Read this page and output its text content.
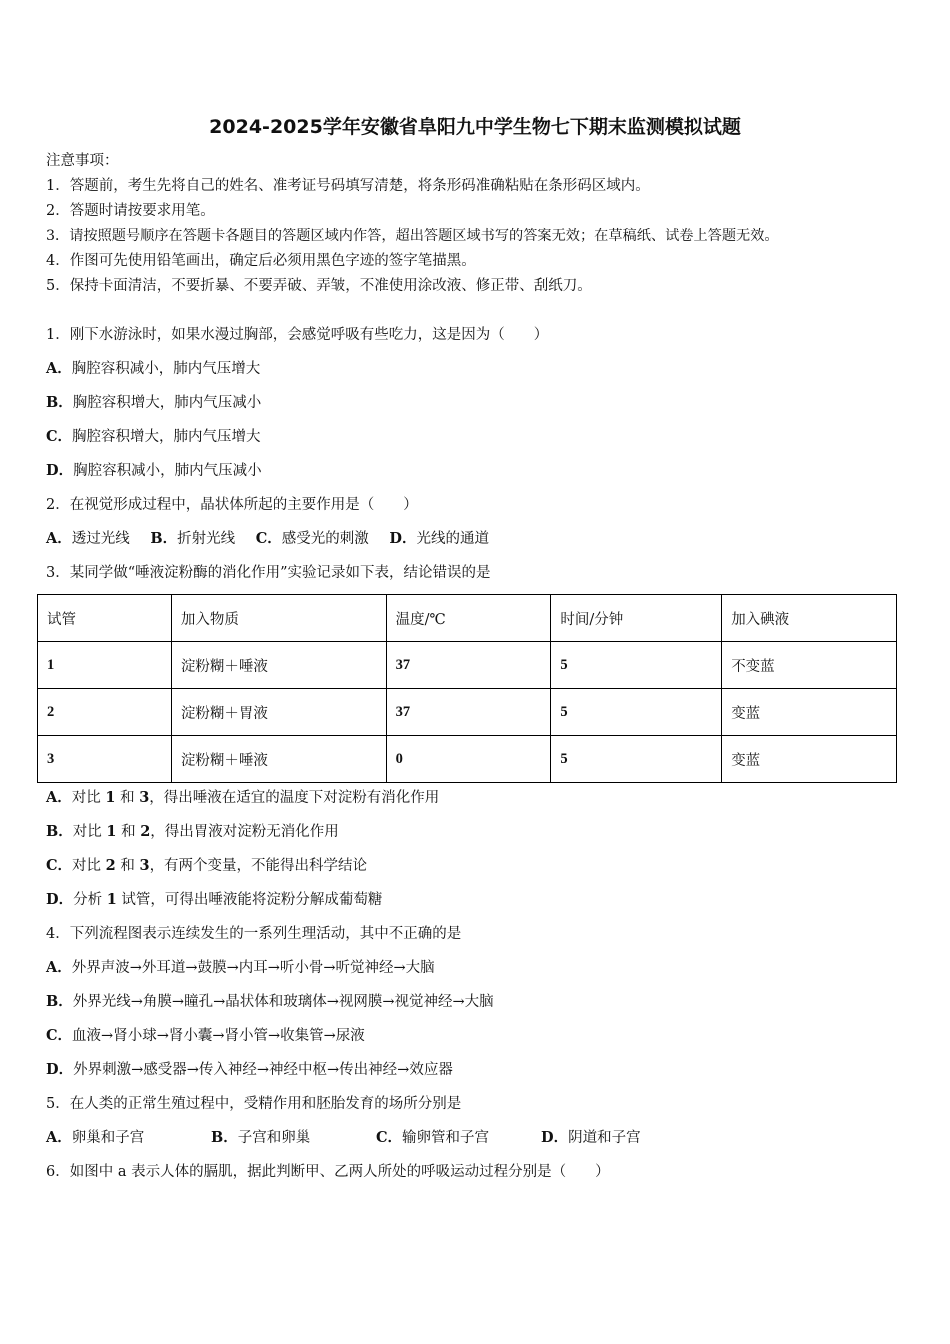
2024-2025学年安徽省阜阳九中学生物七下期末监测模拟试题
注意事项：
1．答题前，考生先将自己的姓名、准考证号码填写清楚，将条形码准确粘贴在条形码区域内。
2．答题时请按要求用笔。
3．请按照题号顺序在答题卡各题目的答题区域内作答，超出答题区域书写的答案无效；在草稿纸、试卷上答题无效。
4．作图可先使用铅笔画出，确定后必须用黑色字迹的签字笔描黑。
5．保持卡面清洁，不要折暴、不要弄破、弄皱，不准使用涂改液、修正带、刮纸刀。
1．刚下水游泳时，如果水漫过胸部，会感觉呼吸有些吃力，这是因为（　　）
A．胸腔容积减小，肺内气压增大
B．胸腔容积增大，肺内气压减小
C．胸腔容积增大，肺内气压增大
D．胸腔容积减小，肺内气压减小
2．在视觉形成过程中，晶状体所起的主要作用是（　　）
A．透过光线 B．折射光线 C．感受光的刺激 D．光线的通道
3．某同学做“唾液淀粉酶的消化作用”实验记录如下表，结论错误的是
试管	加入物质	温度/℃	时间/分钟	加入碘液
1	淀粉糊＋唾液	37	5	不变蓝
2	淀粉糊＋胃液	37	5	变蓝
3	淀粉糊＋唾液	0	5	变蓝
A．对比 1 和 3，得出唾液在适宜的温度下对淀粉有消化作用
B．对比 1 和 2，得出胃液对淀粉无消化作用
C．对比 2 和 3，有两个变量，不能得出科学结论
D．分析 1 试管，可得出唾液能将淀粉分解成葡萄糖
4．下列流程图表示连续发生的一系列生理活动，其中不正确的是
A．外界声波→外耳道→鼓膜→内耳→听小骨→听觉神经→大脑
B．外界光线→角膜→瞳孔→晶状体和玻璃体→视网膜→视觉神经→大脑
C．血液→肾小球→肾小囊→肾小管→收集管→尿液
D．外界刺激→感受器→传入神经→神经中枢→传出神经→效应器
5．在人类的正常生殖过程中，受精作用和胚胎发育的场所分别是
A．卵巢和子宫	B．子宫和卵巢	C．输卵管和子宫	D．阴道和子宫
6．如图中 a 表示人体的膈肌，据此判断甲、乙两人所处的呼吸运动过程分别是（　　）
